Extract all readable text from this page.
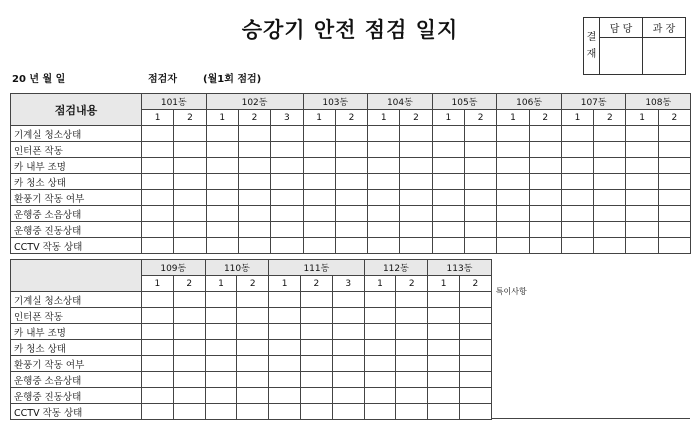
승강기 안전 점검 일지	결
재	담 당	과 장

20 년 월 일	점검자	(월1회 점검)
점검내용	101동		102동			103동		104동		105동		106동		107동		108동	
	1	2	1	2	3	1	2	1	2	1	2	1	2	1	2	1	2
기계실 청소상태																	
인터폰 작동																	
카 내부 조명																	
카 청소 상태																	
환풍기 작동 여부																	
운행중 소음상태																	
운행중 진동상태																	
CCTV 작동 상태																	
	109동		110동		111동			112동		113동		
	1	2	1	2	1	2	3	1	2	1	2	특이사항
기계실 청소상태												
인터폰 작동												
카 내부 조명												
카 청소 상태												
환풍기 작동 여부												
운행중 소음상태												
운행중 진동상태												
CCTV 작동 상태												
